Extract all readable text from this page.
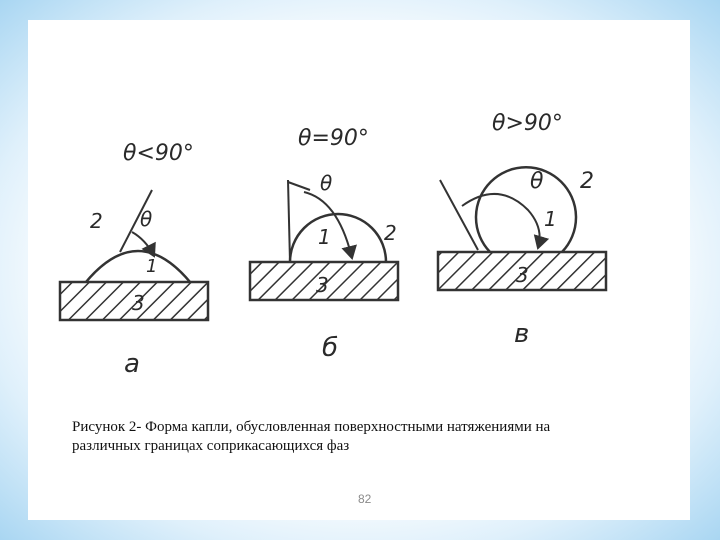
θ<90°
θ
2
1
3
а
θ=90°
θ
1	2
3
б
θ>90°
θ
1
2
3
в
Рисунок 2- Форма капли, обусловленная поверхностными натяжениями на
различных границах соприкасающихся фаз
82
